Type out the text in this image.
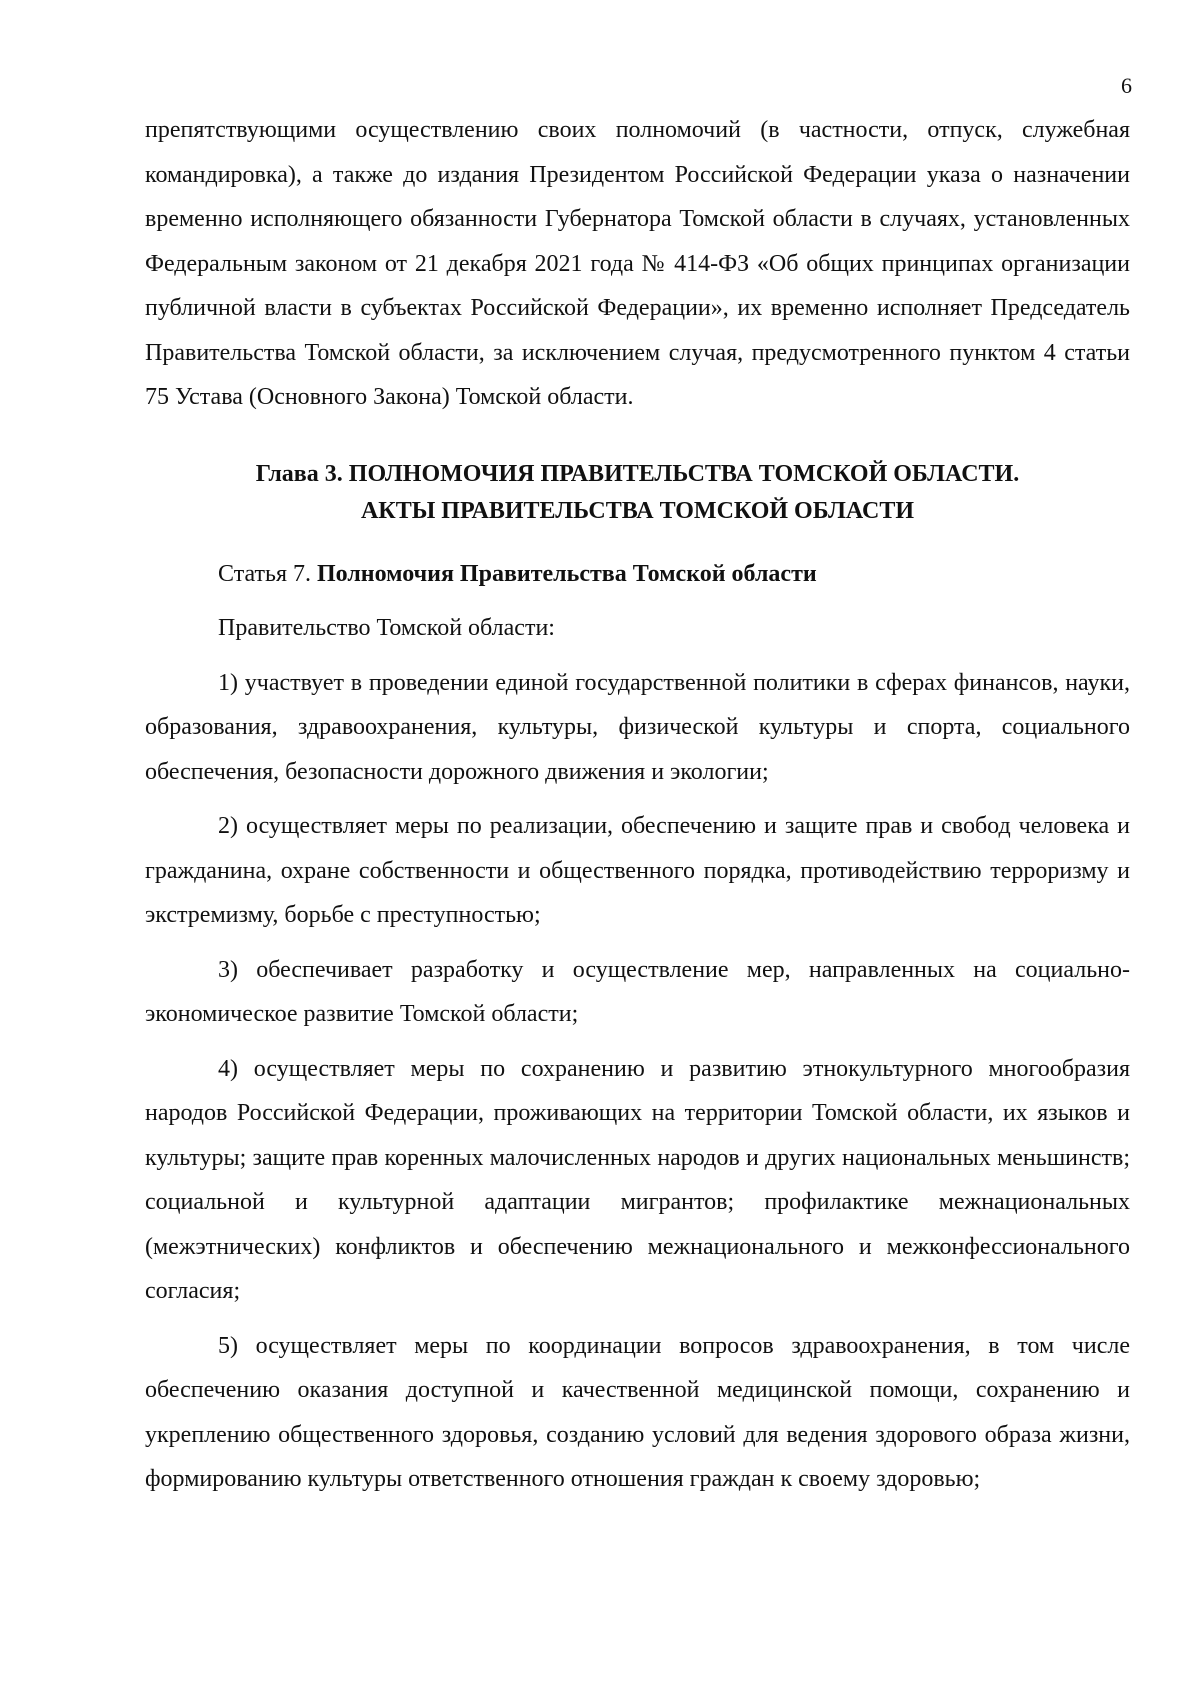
6

препятствующими осуществлению своих полномочий (в частности, отпуск, служебная командировка), а также до издания Президентом Российской Федерации указа о назначении временно исполняющего обязанности Губернатора Томской области в случаях, установленных Федеральным законом от 21 декабря 2021 года № 414-ФЗ «Об общих принципах организации публичной власти в субъектах Российской Федерации», их временно исполняет Председатель Правительства Томской области, за исключением случая, предусмотренного пунктом 4 статьи 75 Устава (Основного Закона) Томской области.

Глава 3. ПОЛНОМОЧИЯ ПРАВИТЕЛЬСТВА ТОМСКОЙ ОБЛАСТИ.
АКТЫ ПРАВИТЕЛЬСТВА ТОМСКОЙ ОБЛАСТИ

Статья 7. Полномочия Правительства Томской области

Правительство Томской области:

1) участвует в проведении единой государственной политики в сферах финансов, науки, образования, здравоохранения, культуры, физической культуры и спорта, социального обеспечения, безопасности дорожного движения и экологии;

2) осуществляет меры по реализации, обеспечению и защите прав и свобод человека и гражданина, охране собственности и общественного порядка, противодействию терроризму и экстремизму, борьбе с преступностью;

3) обеспечивает разработку и осуществление мер, направленных на социально-экономическое развитие Томской области;

4) осуществляет меры по сохранению и развитию этнокультурного многообразия народов Российской Федерации, проживающих на территории Томской области, их языков и культуры; защите прав коренных малочисленных народов и других национальных меньшинств; социальной и культурной адаптации мигрантов; профилактике межнациональных (межэтнических) конфликтов и обеспечению межнационального и межконфессионального согласия;

5) осуществляет меры по координации вопросов здравоохранения, в том числе обеспечению оказания доступной и качественной медицинской помощи, сохранению и укреплению общественного здоровья, созданию условий для ведения здорового образа жизни, формированию культуры ответственного отношения граждан к своему здоровью;
